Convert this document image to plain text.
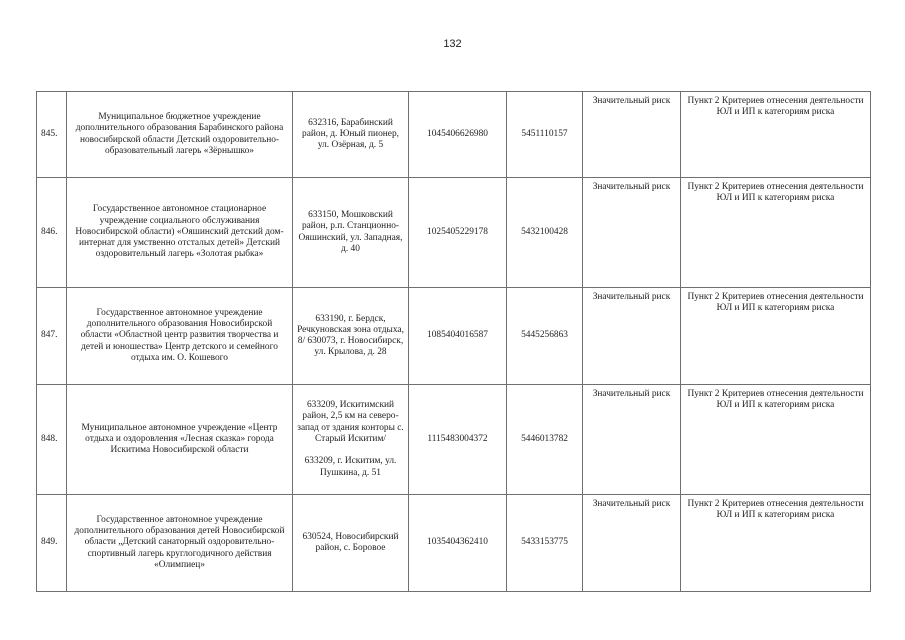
132
845.	Муниципальное бюджетное учреждение дополнительного образования Барабинского района новосибирской области Детский оздоровительно-образовательный лагерь «Зёрнышко»	632316, Барабинский район, д. Юный пионер, ул. Озёрная, д. 5	1045406626980	5451110157	Значительный риск	Пункт 2 Критериев отнесения деятельности ЮЛ и ИП к категориям риска
846.	Государственное автономное стационарное учреждение социального обслуживания Новосибирской области) «Ояшинский детский дом- интернат для умственно отсталых детей» Детский оздоровительный лагерь «Золотая рыбка»	633150, Мошковский район, р.п. Станционно-Ояшинский, ул. Западная, д. 40	1025405229178	5432100428	Значительный риск	Пункт 2 Критериев отнесения деятельности ЮЛ и ИП к категориям риска
847.	Государственное автономное учреждение дополнительного образования Новосибирской области «Областной центр развития творчества и детей и юношества» Центр детского и семейного отдыха им. О. Кошевого	633190, г. Бердск, Речкуновская зона отдыха, 8/ 630073, г. Новосибирск, ул. Крылова, д. 28	1085404016587	5445256863	Значительный риск	Пункт 2 Критериев отнесения деятельности ЮЛ и ИП к категориям риска
848.	Муниципальное автономное учреждение «Центр отдыха и оздоровления «Лесная сказка» города Искитима Новосибирской области	633209, Искитимский район, 2,5 км на северо-запад от здания конторы с. Старый Искитим/

633209, г. Искитим, ул. Пушкина, д. 51	1115483004372	5446013782	Значительный риск	Пункт 2 Критериев отнесения деятельности ЮЛ и ИП к категориям риска
849.	Государственное автономное учреждение дополнительного образования детей Новосибирской области „Детский санаторный оздоровительно-спортивный лагерь круглогодичного действия «Олимпиец»	630524, Новосибирский район, с. Боровое	1035404362410	5433153775	Значительный риск	Пункт 2 Критериев отнесения деятельности ЮЛ и ИП к категориям риска
